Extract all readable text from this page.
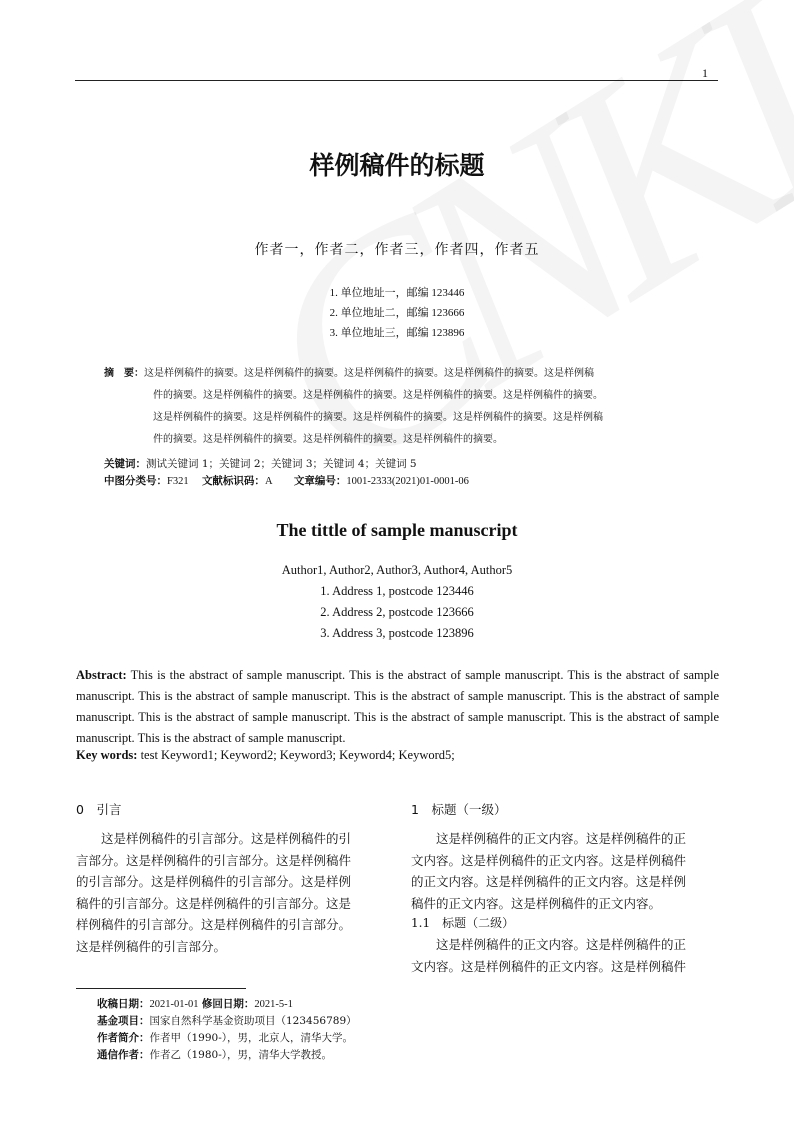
1
样例稿件的标题
作者一，作者二，作者三，作者四，作者五
1. 单位地址一，邮编 123446
2. 单位地址二，邮编 123666
3. 单位地址三，邮编 123896
摘　要：这是样例稿件的摘要。这是样例稿件的摘要。这是样例稿件的摘要。这是样例稿件的摘要。这是样例稿
件的摘要。这是样例稿件的摘要。这是样例稿件的摘要。这是样例稿件的摘要。这是样例稿件的摘要。
这是样例稿件的摘要。这是样例稿件的摘要。这是样例稿件的摘要。这是样例稿件的摘要。这是样例稿
件的摘要。这是样例稿件的摘要。这是样例稿件的摘要。这是样例稿件的摘要。
关键词：测试关键词 1；关键词 2；关键词 3；关键词 4；关键词 5
中图分类号：F321 文献标识码：A 文章编号：1001-2333(2021)01-0001-06
The tittle of sample manuscript
Author1, Author2, Author3, Author4, Author5
1. Address 1, postcode 123446
2. Address 2, postcode 123666
3. Address 3, postcode 123896
Abstract: This is the abstract of sample manuscript. This is the abstract of sample manuscript. This is the abstract of sample manuscript. This is the abstract of sample manuscript. This is the abstract of sample manuscript. This is the abstract of sample manuscript. This is the abstract of sample manuscript. This is the abstract of sample manuscript. This is the abstract of sample manuscript. This is the abstract of sample manuscript.
Key words: test Keyword1; Keyword2; Keyword3; Keyword4; Keyword5;
0　引言
　　这是样例稿件的引言部分。这是样例稿件的引
言部分。这是样例稿件的引言部分。这是样例稿件
的引言部分。这是样例稿件的引言部分。这是样例
稿件的引言部分。这是样例稿件的引言部分。这是
样例稿件的引言部分。这是样例稿件的引言部分。
这是样例稿件的引言部分。
1　标题（一级）
　　这是样例稿件的正文内容。这是样例稿件的正
文内容。这是样例稿件的正文内容。这是样例稿件
的正文内容。这是样例稿件的正文内容。这是样例
稿件的正文内容。这是样例稿件的正文内容。
1.1　标题（二级）
　　这是样例稿件的正文内容。这是样例稿件的正
文内容。这是样例稿件的正文内容。这是样例稿件
收稿日期：2021-01-01 修回日期：2021-5-1
基金项目：国家自然科学基金资助项目（123456789）
作者简介：作者甲（1990-），男，北京人，清华大学。
通信作者：作者乙（1980-），男，清华大学教授。
